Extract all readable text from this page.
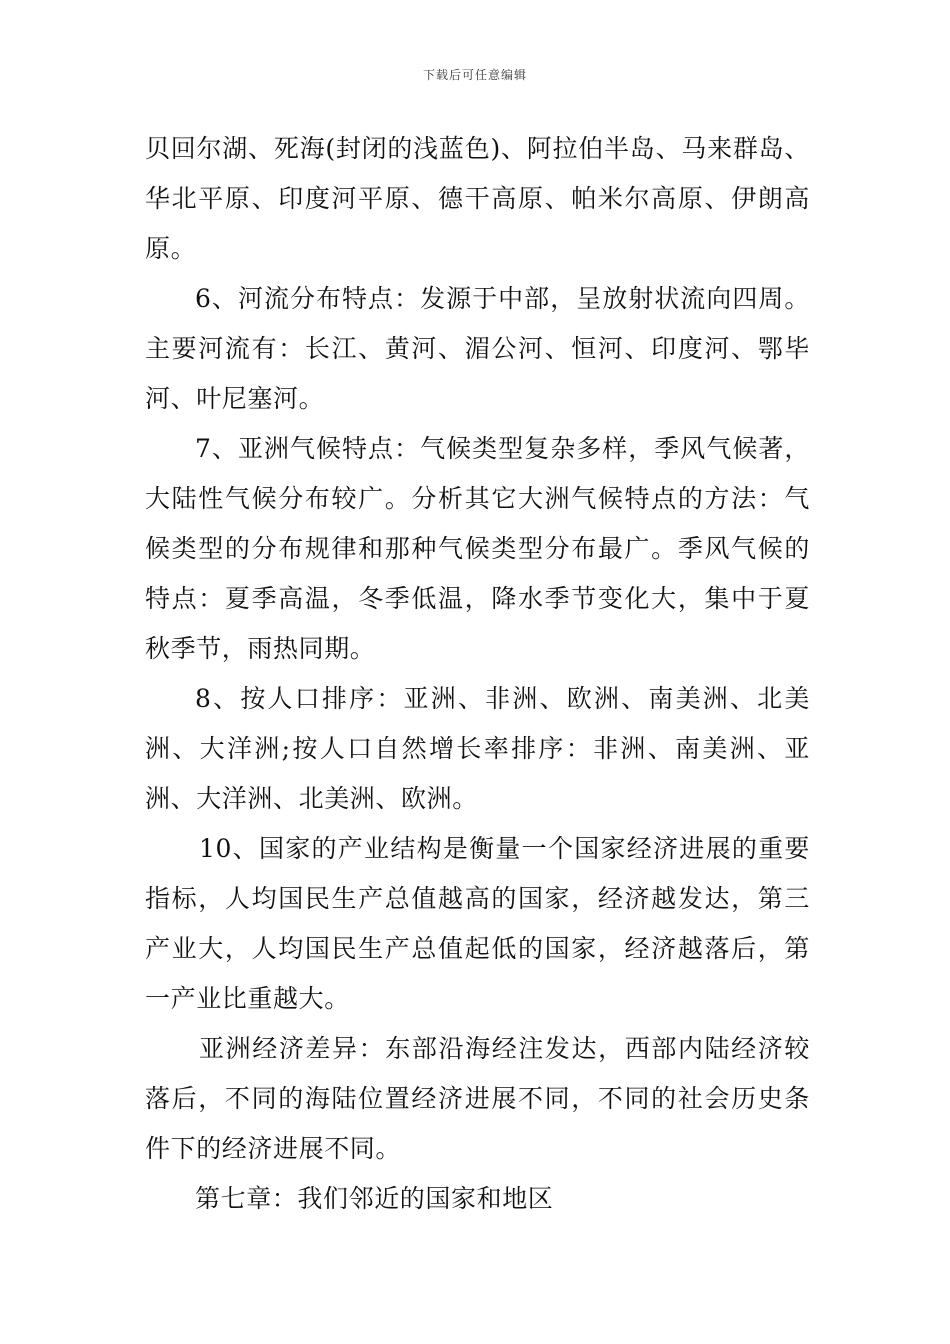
下载后可任意编辑

贝回尔湖、死海(封闭的浅蓝色)、阿拉伯半岛、马来群岛、华北平原、印度河平原、德干高原、帕米尔高原、伊朗高原。

6、河流分布特点：发源于中部，呈放射状流向四周。主要河流有：长江、黄河、湄公河、恒河、印度河、鄂毕河、叶尼塞河。

7、亚洲气候特点：气候类型复杂多样，季风气候著，大陆性气候分布较广。分析其它大洲气候特点的方法：气候类型的分布规律和那种气候类型分布最广。季风气候的特点：夏季高温，冬季低温，降水季节变化大，集中于夏秋季节，雨热同期。

8、按人口排序：亚洲、非洲、欧洲、南美洲、北美洲、大洋洲;按人口自然增长率排序：非洲、南美洲、亚洲、大洋洲、北美洲、欧洲。

10、国家的产业结构是衡量一个国家经济进展的重要指标，人均国民生产总值越高的国家，经济越发达，第三产业大，人均国民生产总值起低的国家，经济越落后，第一产业比重越大。

亚洲经济差异：东部沿海经注发达，西部内陆经济较落后，不同的海陆位置经济进展不同，不同的社会历史条件下的经济进展不同。

第七章：我们邻近的国家和地区
